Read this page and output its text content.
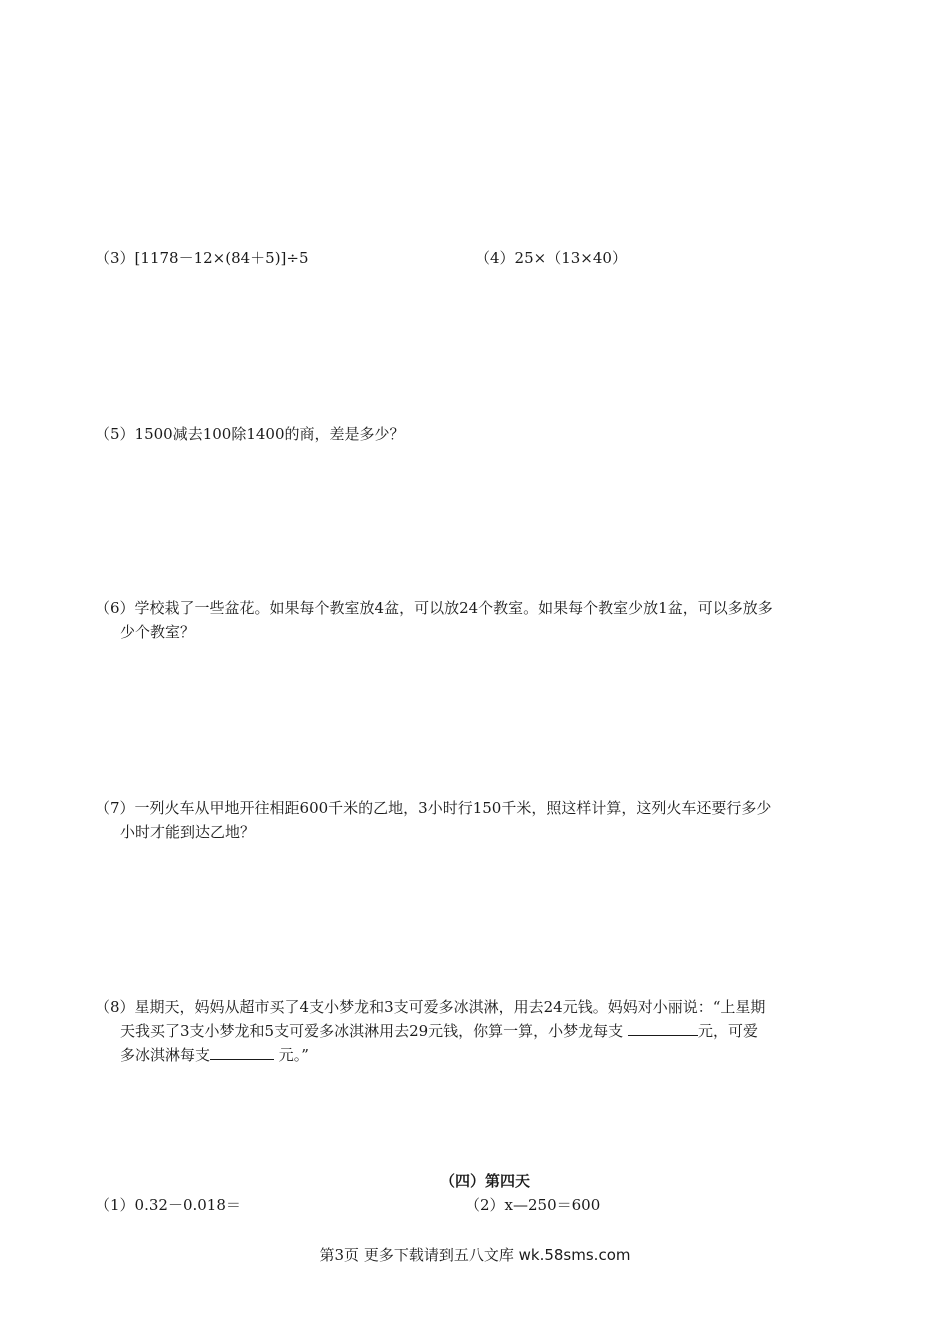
（3）[1178－12×(84＋5)]÷5	（4）25×（13×40）
（5）1500减去100除1400的商，差是多少？
（6）学校栽了一些盆花。如果每个教室放4盆，可以放24个教室。如果每个教室少放1盆，可以多放多
少个教室？
（7）一列火车从甲地开往相距600千米的乙地，3小时行150千米，照这样计算，这列火车还要行多少
小时才能到达乙地？
（8）星期天，妈妈从超市买了4支小梦龙和3支可爱多冰淇淋，用去24元钱。妈妈对小丽说：“上星期
天我买了3支小梦龙和5支可爱多冰淇淋用去29元钱，你算一算，小梦龙每支	元，可爱
多冰淇淋每支	元。”
（四）第四天
（1）0.32－0.018＝	（2）x—250＝600
第3页 更多下载请到五八文库 wk.58sms.com
